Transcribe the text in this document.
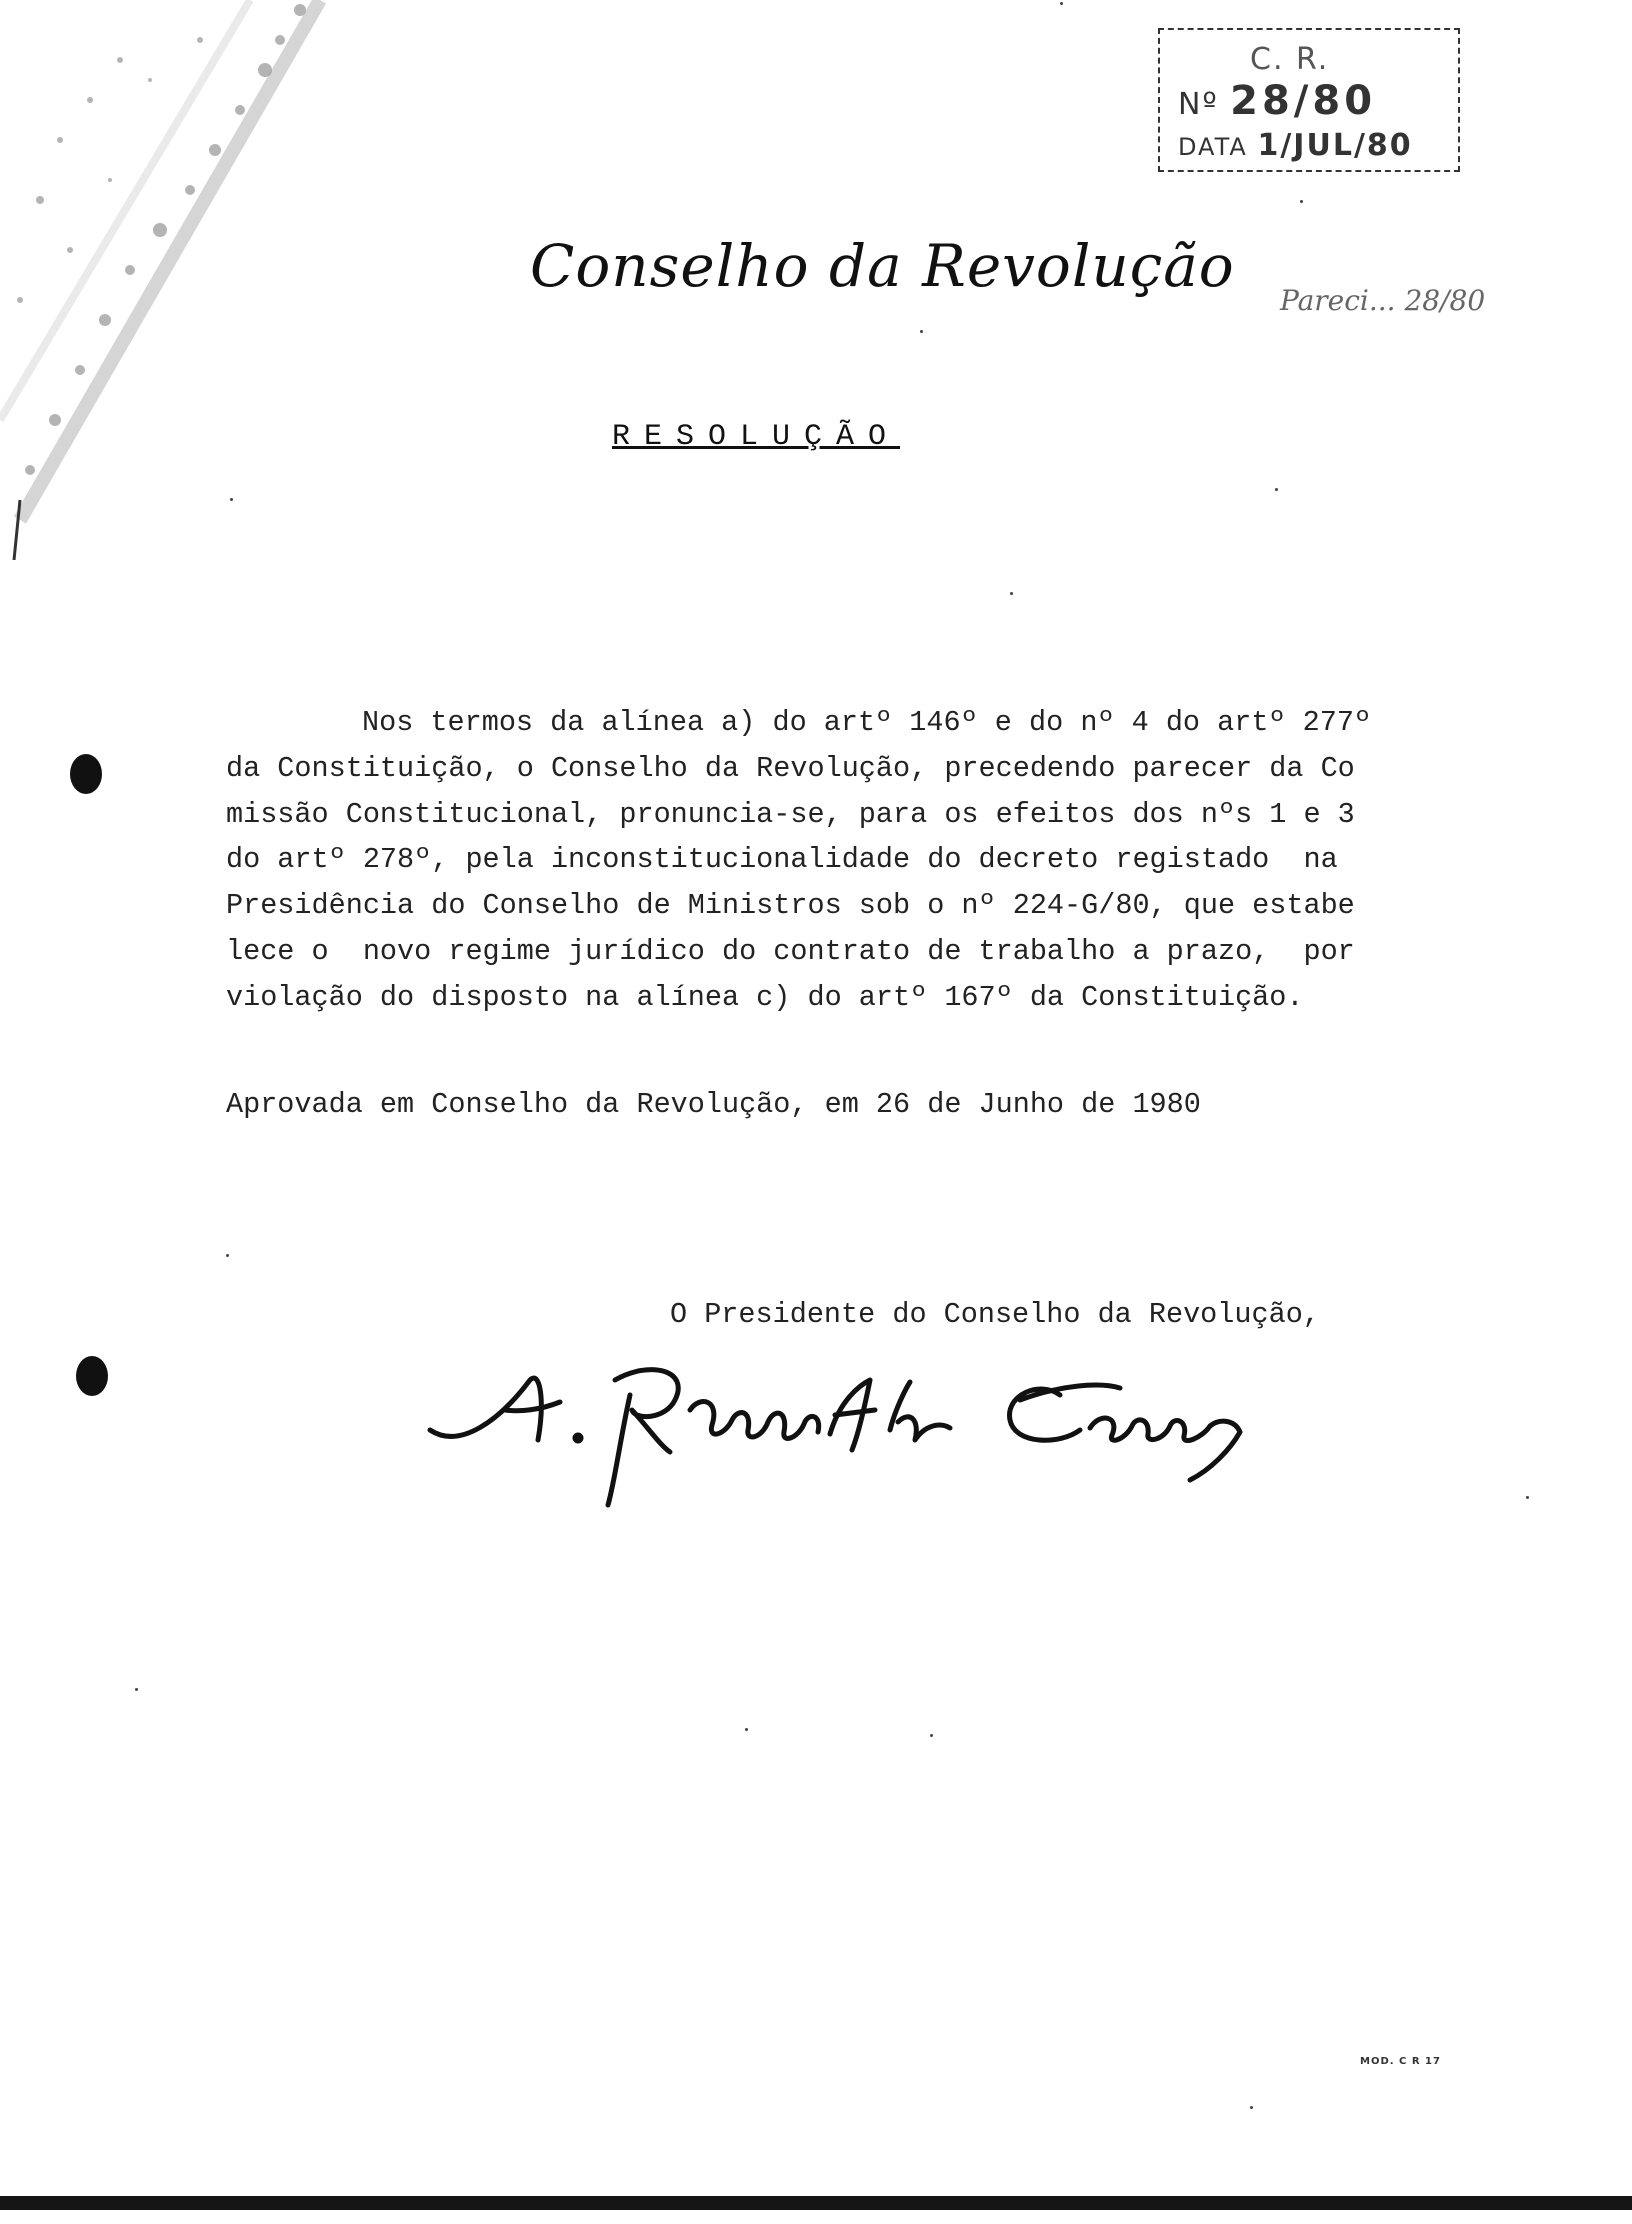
C. R.
Nº 28/80
DATA 1/JUL/80
Conselho da Revolução
Pareci... 28/80
RESOLUÇÃO
Nos termos da alínea a) do artº 146º e do nº 4 do artº 277º
da Constituição, o Conselho da Revolução, precedendo parecer da Co
missão Constitucional, pronuncia-se, para os efeitos dos nºs 1 e 3
do artº 278º, pela inconstitucionalidade do decreto registado  na
Presidência do Conselho de Ministros sob o nº 224-G/80, que estabe
lece o  novo regime jurídico do contrato de trabalho a prazo,  por
violação do disposto na alínea c) do artº 167º da Constituição.
Aprovada em Conselho da Revolução, em 26 de Junho de 1980
O Presidente do Conselho da Revolução,
MOD. C R 17
